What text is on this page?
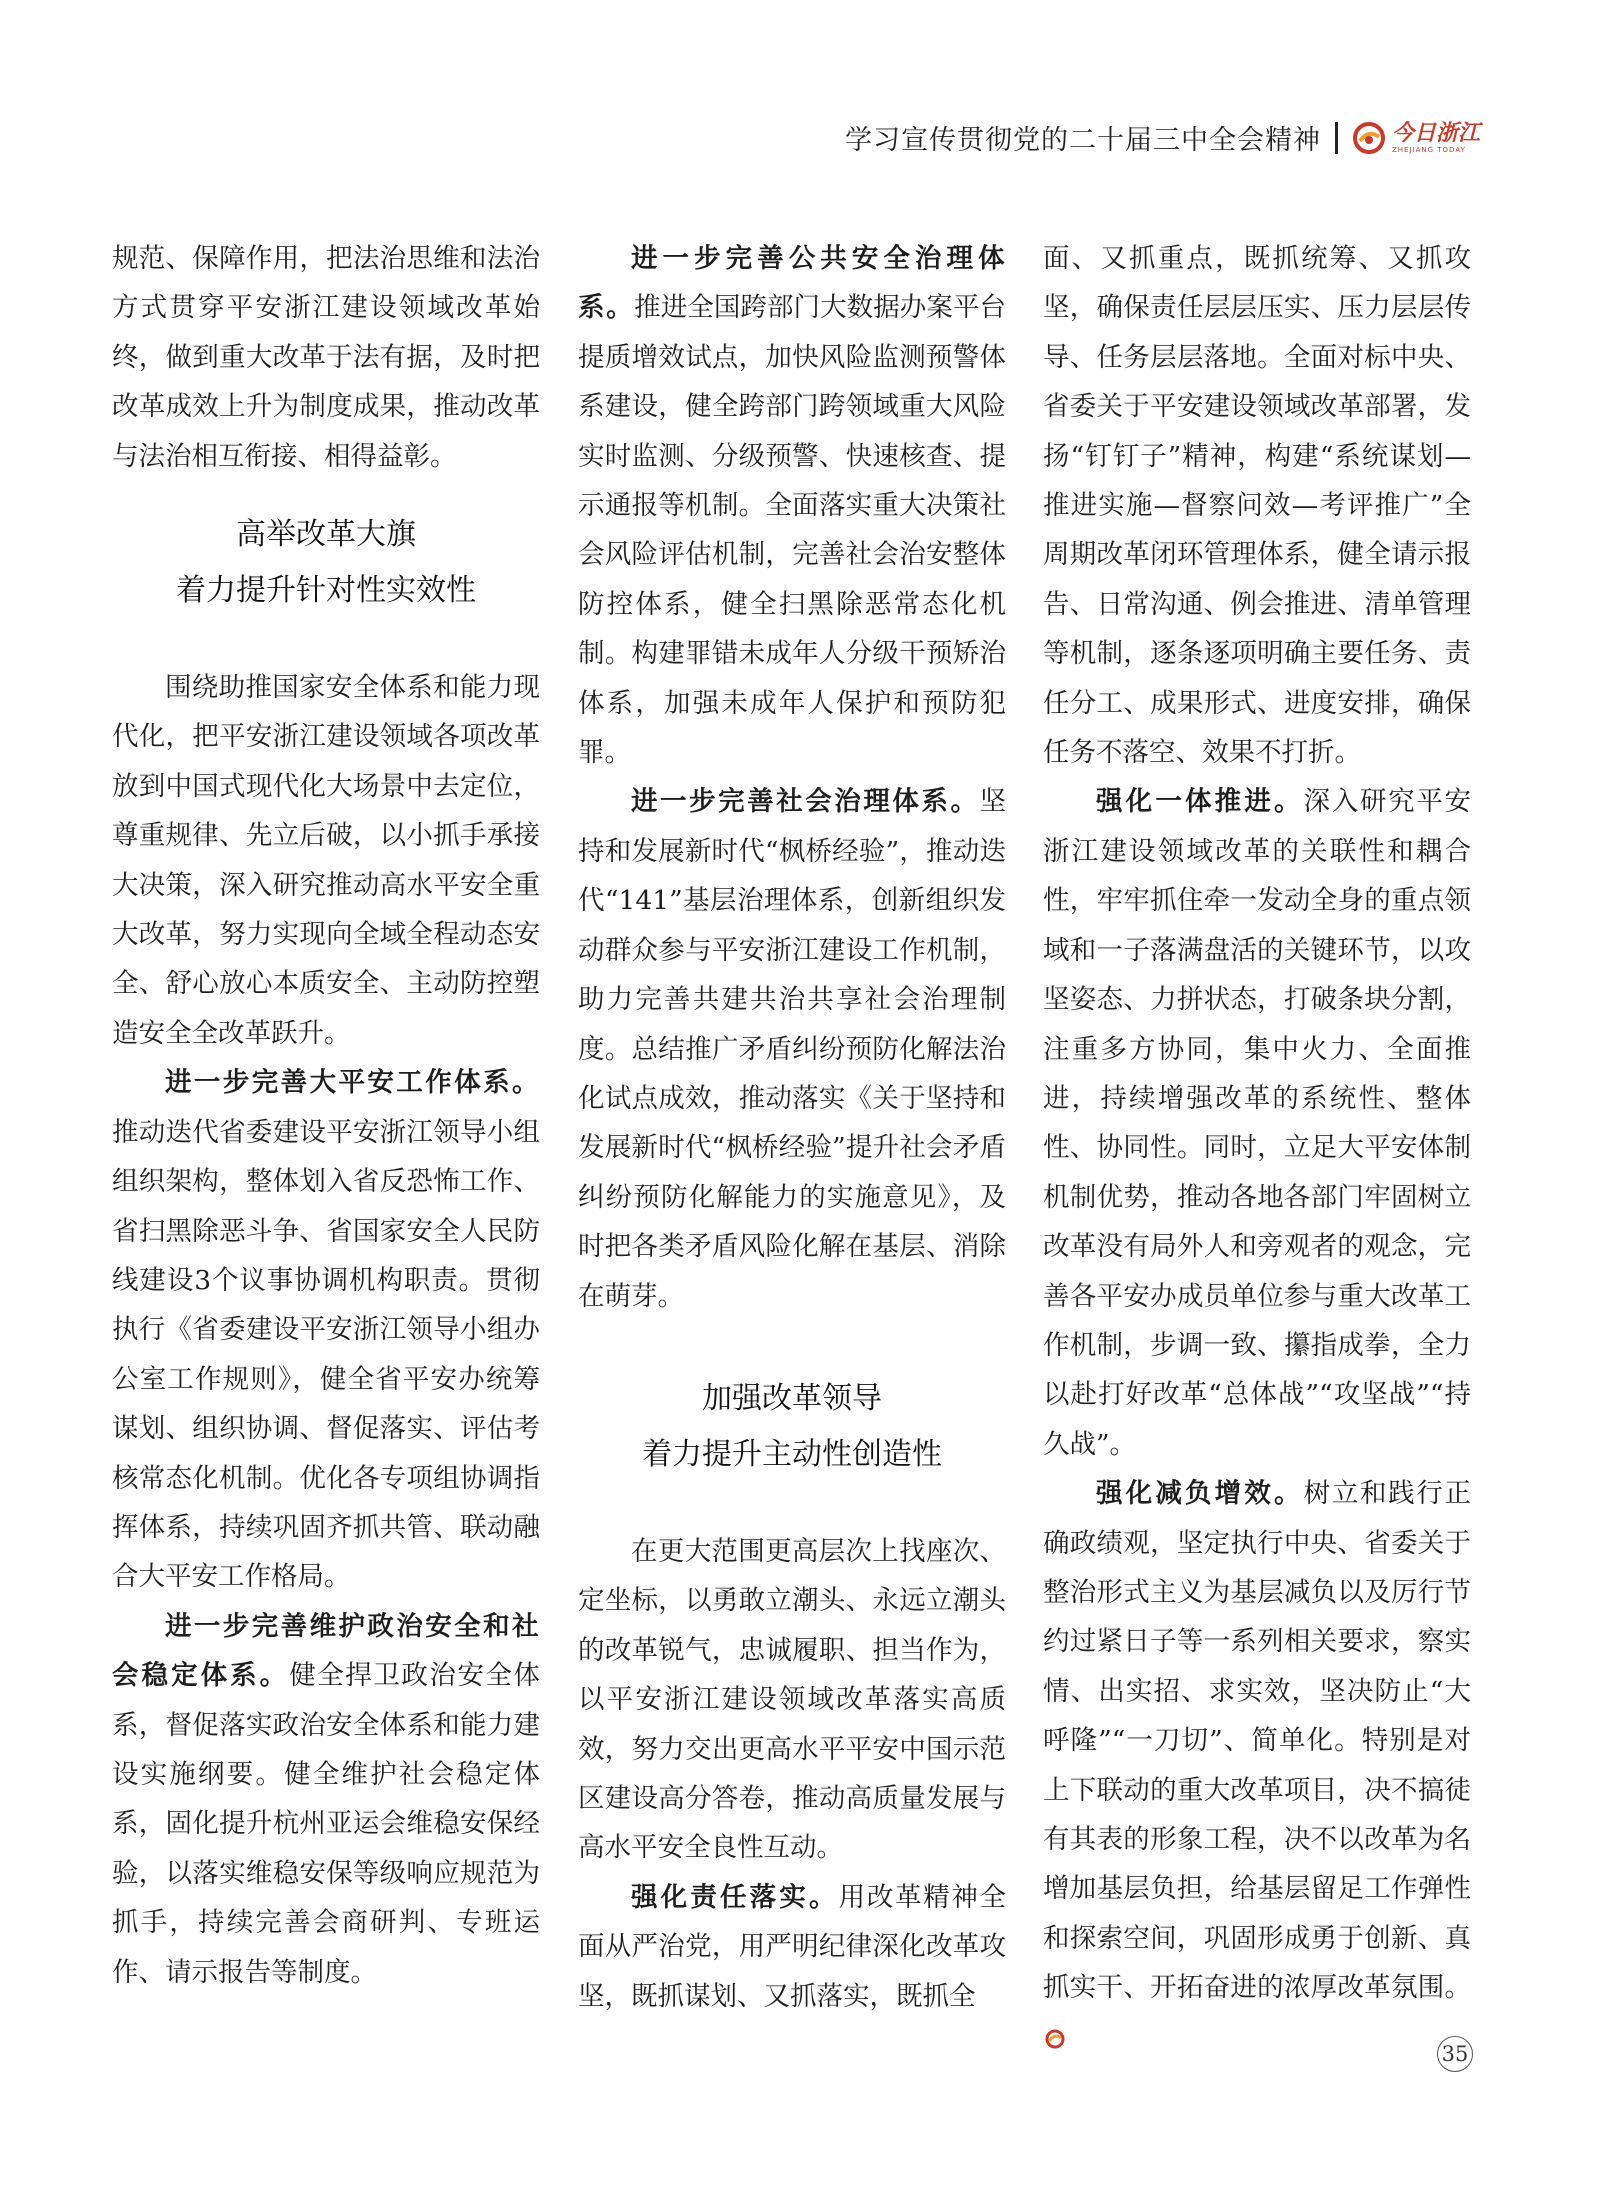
学习宣传贯彻党的二十届三中全会精神	今日浙江
ZHEJIANG TODAY

规范、保障作用，把法治思维和法治方式贯穿平安浙江建设领域改革始终，做到重大改革于法有据，及时把改革成效上升为制度成果，推动改革与法治相互衔接、相得益彰。

高举改革大旗
着力提升针对性实效性

围绕助推国家安全体系和能力现代化，把平安浙江建设领域各项改革放到中国式现代化大场景中去定位，尊重规律、先立后破，以小抓手承接大决策，深入研究推动高水平安全重大改革，努力实现向全域全程动态安全、舒心放心本质安全、主动防控塑造安全全改革跃升。

进一步完善大平安工作体系。推动迭代省委建设平安浙江领导小组组织架构，整体划入省反恐怖工作、省扫黑除恶斗争、省国家安全人民防线建设3个议事协调机构职责。贯彻执行《省委建设平安浙江领导小组办公室工作规则》，健全省平安办统筹谋划、组织协调、督促落实、评估考核常态化机制。优化各专项组协调指挥体系，持续巩固齐抓共管、联动融合大平安工作格局。

进一步完善维护政治安全和社会稳定体系。健全捍卫政治安全体系，督促落实政治安全体系和能力建设实施纲要。健全维护社会稳定体系，固化提升杭州亚运会维稳安保经验，以落实维稳安保等级响应规范为抓手，持续完善会商研判、专班运作、请示报告等制度。

进一步完善公共安全治理体系。推进全国跨部门大数据办案平台提质增效试点，加快风险监测预警体系建设，健全跨部门跨领域重大风险实时监测、分级预警、快速核查、提示通报等机制。全面落实重大决策社会风险评估机制，完善社会治安整体防控体系，健全扫黑除恶常态化机制。构建罪错未成年人分级干预矫治体系，加强未成年人保护和预防犯罪。

进一步完善社会治理体系。坚持和发展新时代“枫桥经验”，推动迭代“141”基层治理体系，创新组织发动群众参与平安浙江建设工作机制，助力完善共建共治共享社会治理制度。总结推广矛盾纠纷预防化解法治化试点成效，推动落实《关于坚持和发展新时代“枫桥经验”提升社会矛盾纠纷预防化解能力的实施意见》，及时把各类矛盾风险化解在基层、消除在萌芽。

加强改革领导
着力提升主动性创造性

在更大范围更高层次上找座次、定坐标，以勇敢立潮头、永远立潮头的改革锐气，忠诚履职、担当作为，以平安浙江建设领域改革落实高质效，努力交出更高水平平安中国示范区建设高分答卷，推动高质量发展与高水平安全良性互动。

强化责任落实。用改革精神全面从严治党，用严明纪律深化改革攻坚，既抓谋划、又抓落实，既抓全

面、又抓重点，既抓统筹、又抓攻坚，确保责任层层压实、压力层层传导、任务层层落地。全面对标中央、省委关于平安建设领域改革部署，发扬“钉钉子”精神，构建“系统谋划—推进实施—督察问效—考评推广”全周期改革闭环管理体系，健全请示报告、日常沟通、例会推进、清单管理等机制，逐条逐项明确主要任务、责任分工、成果形式、进度安排，确保任务不落空、效果不打折。

强化一体推进。深入研究平安浙江建设领域改革的关联性和耦合性，牢牢抓住牵一发动全身的重点领域和一子落满盘活的关键环节，以攻坚姿态、力拼状态，打破条块分割，注重多方协同，集中火力、全面推进，持续增强改革的系统性、整体性、协同性。同时，立足大平安体制机制优势，推动各地各部门牢固树立改革没有局外人和旁观者的观念，完善各平安办成员单位参与重大改革工作机制，步调一致、攥指成拳，全力以赴打好改革“总体战”“攻坚战”“持久战”。

强化减负增效。树立和践行正确政绩观，坚定执行中央、省委关于整治形式主义为基层减负以及厉行节约过紧日子等一系列相关要求，察实情、出实招、求实效，坚决防止“大呼隆”“一刀切”、简单化。特别是对上下联动的重大改革项目，决不搞徒有其表的形象工程，决不以改革为名增加基层负担，给基层留足工作弹性和探索空间，巩固形成勇于创新、真抓实干、开拓奋进的浓厚改革氛围。

35
